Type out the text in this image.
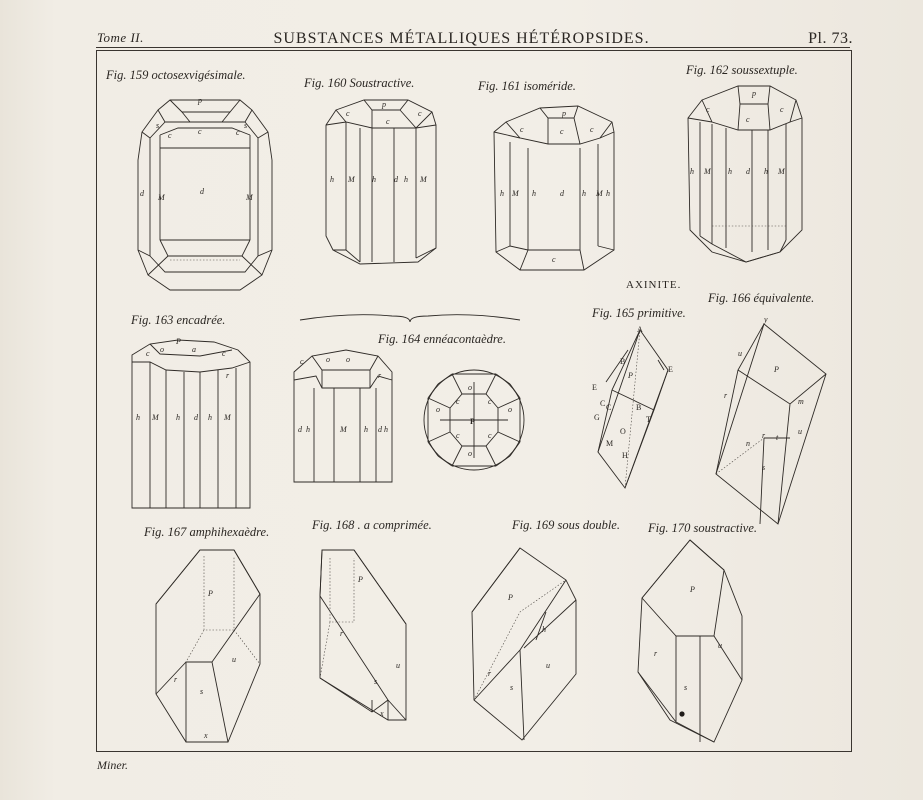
Tome II.	SUBSTANCES MÉTALLIQUES HÉTÉROPSIDES.	Pl. 73.
Fig. 159 octosexvigésimale.
Fig. 160 Soustractive.	Fig. 161 isoméride.
Fig. 162 soussextuple.
Fig. 163 encadrée.
Fig. 164 ennéacontaèdre.
AXINITE.
Fig. 165 primitive.
Fig. 166 équivalente.
Fig. 167 amphihexaèdre.	Fig. 168 . a comprimée.	Fig. 169 sous double. Fig. 170 soustractive.
Miner.
p
c
c	c
s	s
d M
d
M
p
c
c
c
h M h d h M
p
c	c	c
h M h	d h M h
c
p
c
c
c
h M h d h M
P
o	a
c	c
r
h M h d h M
c	o o
r
d h	M h d h
P
c	c
c	c
o	o
o
o
A
B
P
E
E
C C	B
G
O
T
M
H
y
P
u
r
m
u
r t
n
s
P
u
r
s
x
P
r
u
s
x
P
h
r
u
s
P
r
u
s
